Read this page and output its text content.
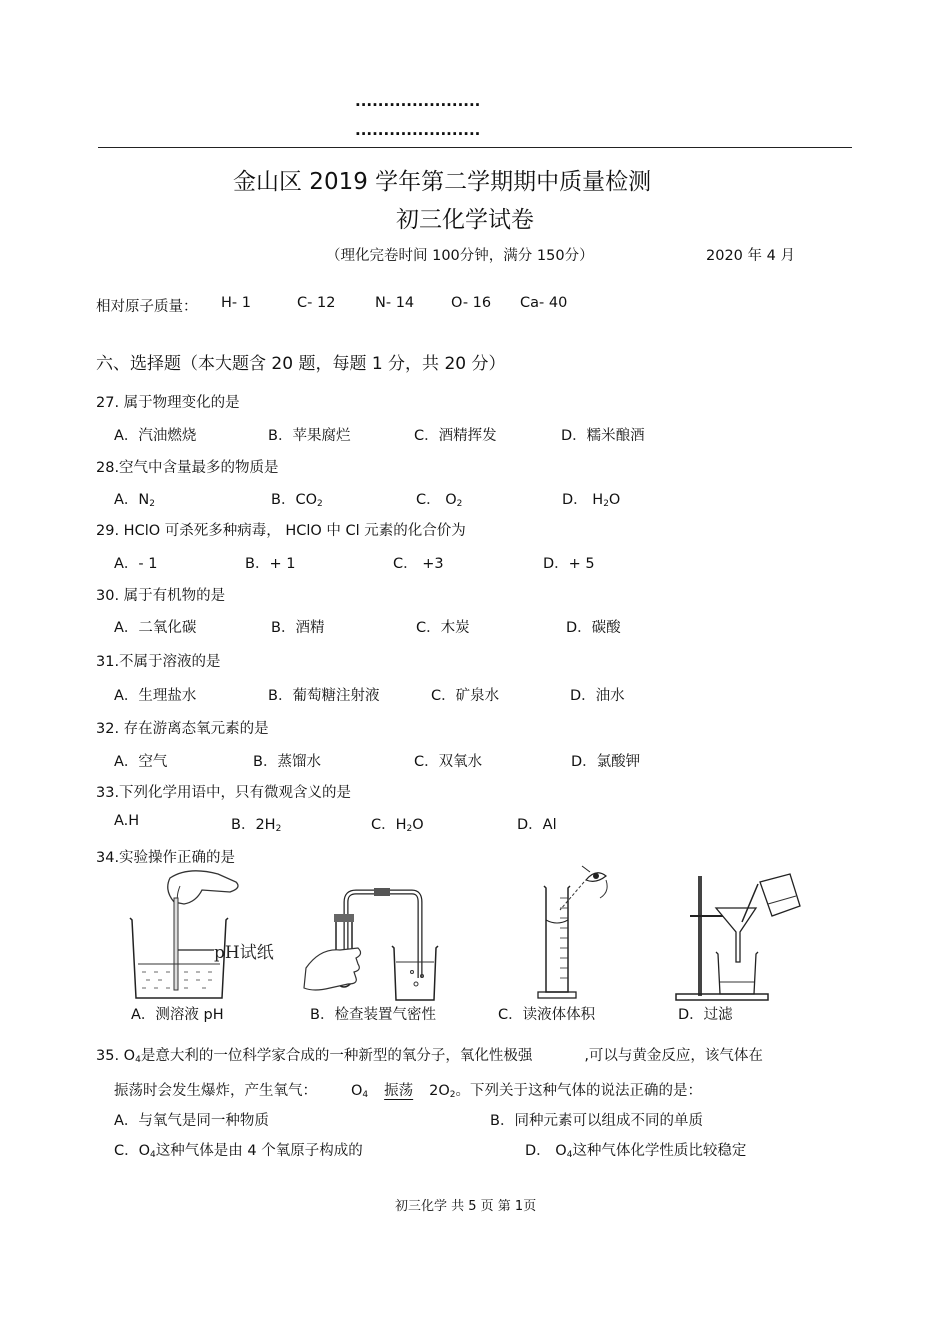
......................
......................
金山区 2019 学年第二学期期中质量检测
初三化学试卷
（理化完卷时间 100分钟，满分 150分）	2020 年 4 月
相对原子质量： H- 1	C- 12	N- 14	O- 16 Ca- 40
六、选择题（本大题含 20 题，每题 1 分，共 20 分）
27. 属于物理变化的是
A．汽油燃烧	B．苹果腐烂	C．酒精挥发	D．糯米酿酒
28.空气中含量最多的物质是
A．$N_2$	B．$CO_2$	C． $O_2$	D． $H_2O$
29. HClO 可杀死多种病毒， HClO 中 Cl 元素的化合价为
A．- 1	B．+ 1	C． +3	D．+ 5
30. 属于有机物的是
A．二氧化碳	B．酒精	C．木炭	D．碳酸
31.不属于溶液的是
A．生理盐水	B．葡萄糖注射液	C．矿泉水	D．油水
32. 存在游离态氧元素的是
A．空气	B．蒸馏水	C．双氧水	D．氯酸钾
33.下列化学用语中，只有微观含义的是
A.H	B．$2H_2$	C．$H_2O$	D．Al
34.实验操作正确的是
pH试纸
A．测溶液 pH	B．检查装置气密性	C．读液体体积	D．过滤
35. $O_4$是意大利的一位科学家合成的一种新型的氧分子，氧化性极强	,可以与黄金反应，该气体在
振荡时会发生爆炸，产生氧气： $O_4$ 振荡 $2O_2$。下列关于这种气体的说法正确的是：
A．与氧气是同一种物质	B．同种元素可以组成不同的单质
C．$O_4$这种气体是由 4 个氧原子构成的	D． $O_4$这种气体化学性质比较稳定
初三化学 共 5 页 第 1页
